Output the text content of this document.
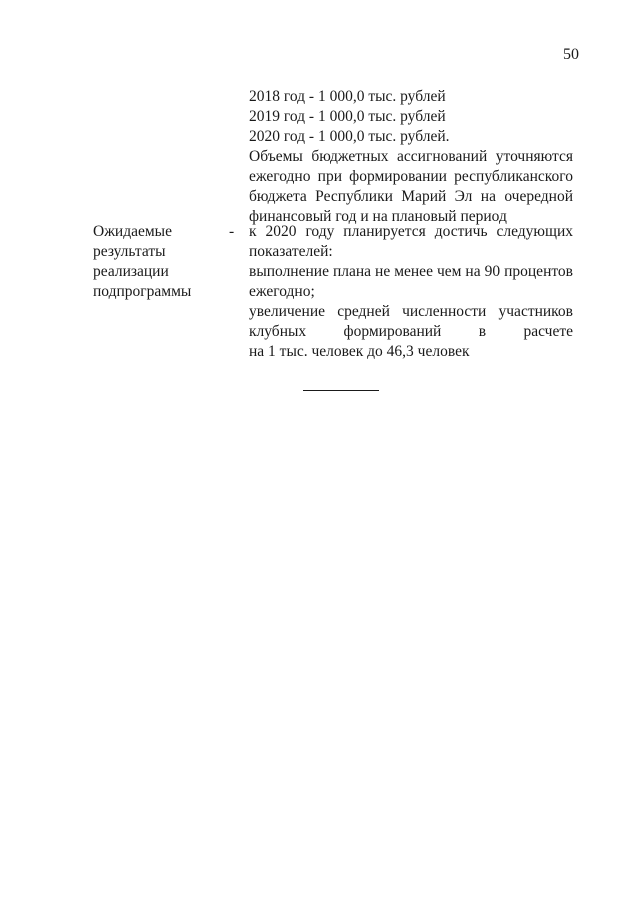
50
2018 год - 1 000,0 тыс. рублей
2019 год - 1 000,0 тыс. рублей
2020 год - 1 000,0 тыс. рублей.
Объемы бюджетных ассигнований уточняются
ежегодно при формировании республиканского
бюджета Республики Марий Эл на очередной
финансовый год и на плановый период
Ожидаемые
результаты
реализации
подпрограммы
- к 2020 году планируется достичь следующих
показателей:
выполнение плана не менее чем на 90 процентов
ежегодно;
увеличение средней численности участников
клубных формирований в расчете
на 1 тыс. человек до 46,3 человек
